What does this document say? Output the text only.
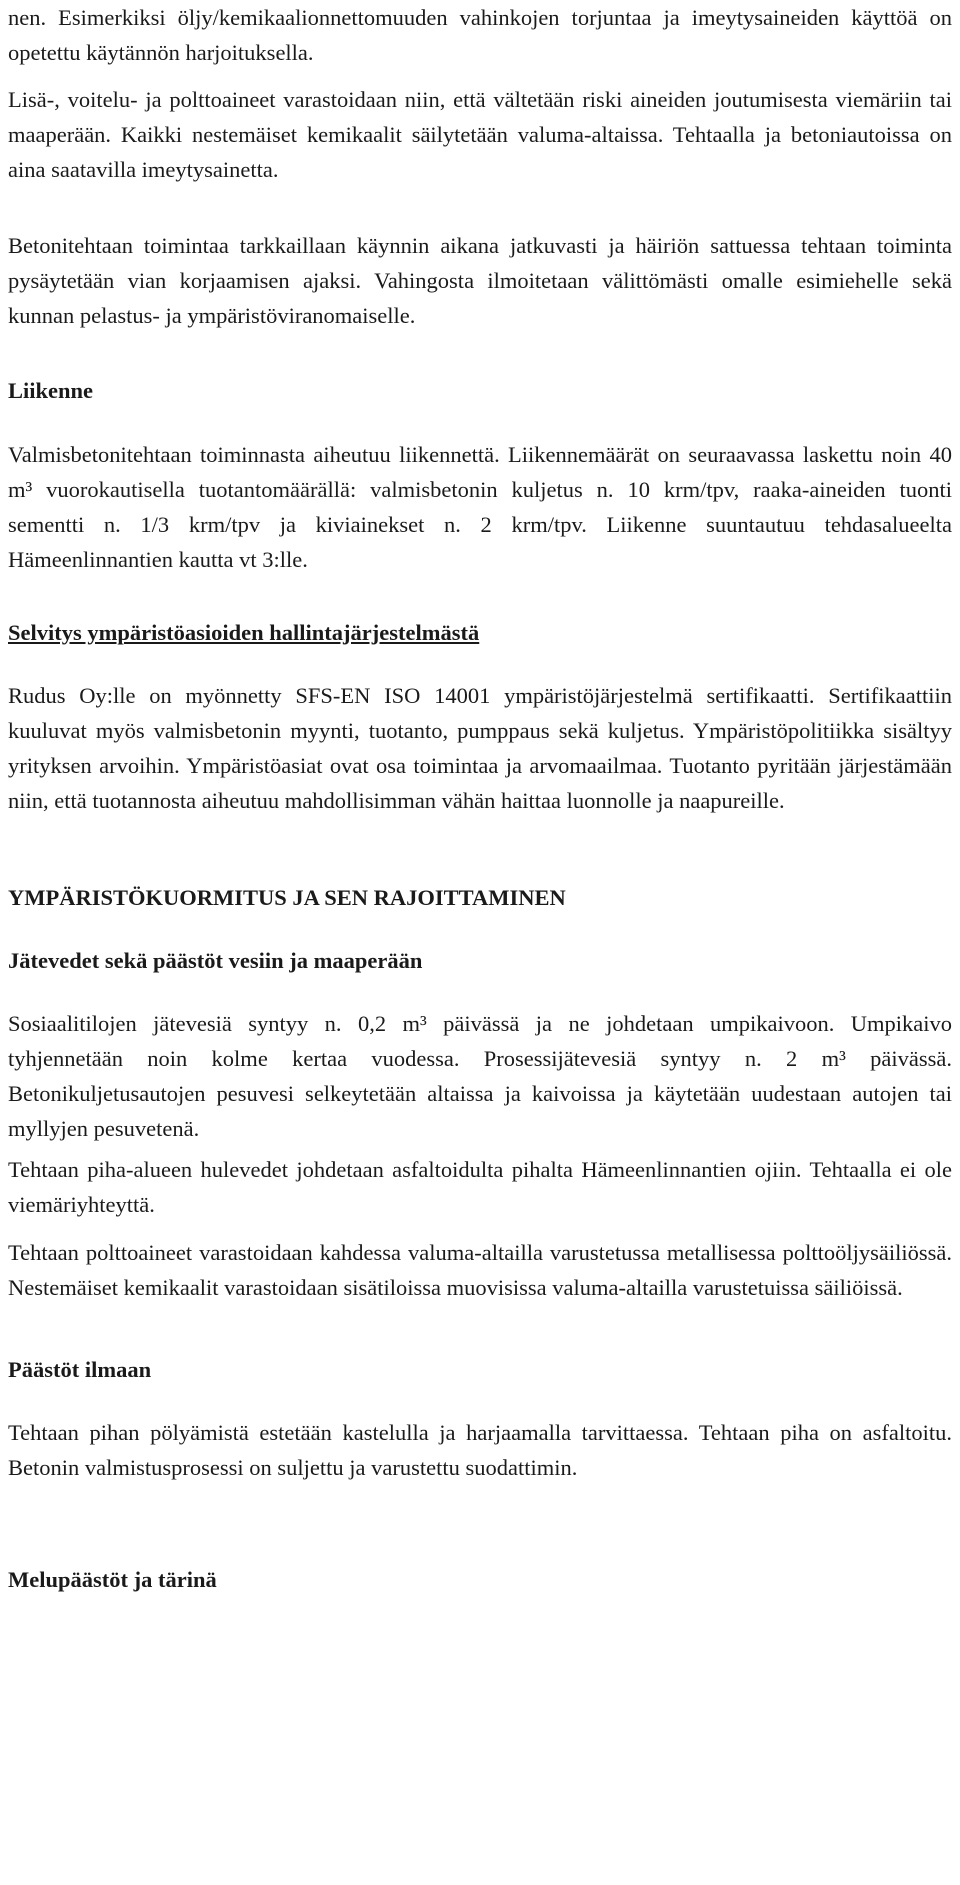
nen. Esimerkiksi öljy/kemikaalionnettomuuden vahinkojen torjuntaa ja imeytysaineiden käyttöä on opetettu käytännön harjoituksella.

Lisä-, voitelu- ja polttoaineet varastoidaan niin, että vältetään riski aineiden joutumisesta viemäriin tai maaperään. Kaikki nestemäiset kemikaalit säilytetään valuma-altaissa. Tehtaalla ja betoniautoissa on aina saatavilla imeytysainetta.

Betonitehtaan toimintaa tarkkaillaan käynnin aikana jatkuvasti ja häiriön sattuessa tehtaan toiminta pysäytetään vian korjaamisen ajaksi. Vahingosta ilmoitetaan välittömästi omalle esimiehelle sekä kunnan pelastus- ja ympäristöviranomaiselle.

Liikenne

Valmisbetonitehtaan toiminnasta aiheutuu liikennettä. Liikennemäärät on seuraavassa laskettu noin 40 m³ vuorokautisella tuotantomäärällä: valmisbetonin kuljetus n. 10 krm/tpv, raaka-aineiden tuonti sementti n. 1/3 krm/tpv ja kiviainekset n. 2 krm/tpv. Liikenne suuntautuu tehdasalueelta Hämeenlinnantien kautta vt 3:lle.

Selvitys ympäristöasioiden hallintajärjestelmästä

Rudus Oy:lle on myönnetty SFS-EN ISO 14001 ympäristöjärjestelmä sertifikaatti. Sertifikaattiin kuuluvat myös valmisbetonin myynti, tuotanto, pumppaus sekä kuljetus. Ympäristöpolitiikka sisältyy yrityksen arvoihin. Ympäristöasiat ovat osa toimintaa ja arvomaailmaa. Tuotanto pyritään järjestämään niin, että tuotannosta aiheutuu mahdollisimman vähän haittaa luonnolle ja naapureille.

YMPÄRISTÖKUORMITUS JA SEN RAJOITTAMINEN
Jätevedet sekä päästöt vesiin ja maaperään

Sosiaalitilojen jätevesiä syntyy n. 0,2 m³ päivässä ja ne johdetaan umpikaivoon. Umpikaivo tyhjennetään noin kolme kertaa vuodessa. Prosessijätevesiä syntyy n. 2 m³ päivässä. Betonikuljetusautojen pesuvesi selkeytetään altaissa ja kaivoissa ja käytetään uudestaan autojen tai myllyjen pesuvetenä.

Tehtaan piha-alueen hulevedet johdetaan asfaltoidulta pihalta Hämeenlinnantien ojiin. Tehtaalla ei ole viemäriyhteyttä.

Tehtaan polttoaineet varastoidaan kahdessa valuma-altailla varustetussa metallisessa polttoöljysäiliössä. Nestemäiset kemikaalit varastoidaan sisätiloissa muovisissa valuma-altailla varustetuissa säiliöissä.

Päästöt ilmaan

Tehtaan pihan pölyämistä estetään kastelulla ja harjaamalla tarvittaessa. Tehtaan piha on asfaltoitu. Betonin valmistusprosessi on suljettu ja varustettu suodattimin.

Melupäästöt ja tärinä
